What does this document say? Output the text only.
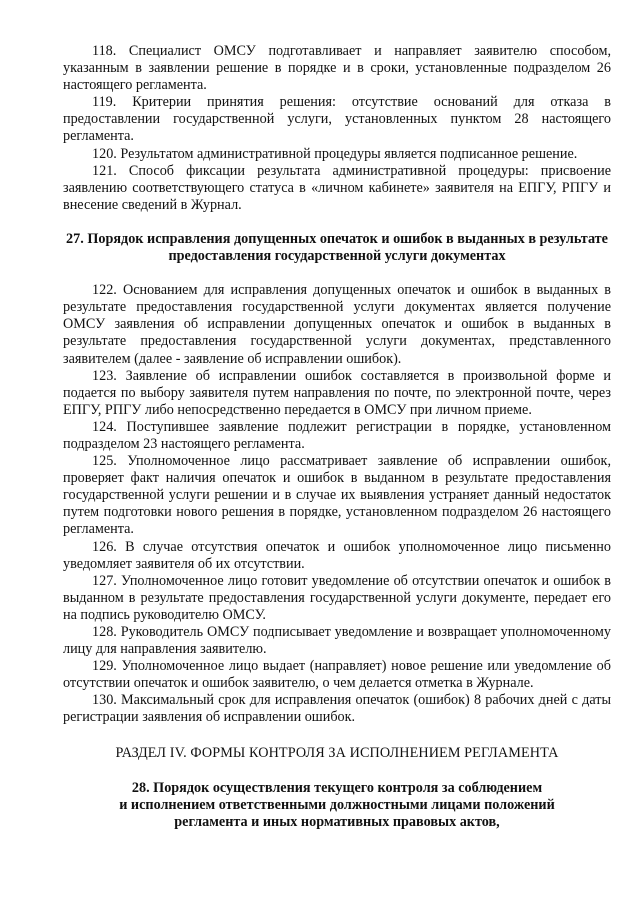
118. Специалист ОМСУ подготавливает и направляет заявителю способом, указанным в заявлении решение в порядке и в сроки, установленные подразделом 26 настоящего регламента.

119. Критерии принятия решения: отсутствие оснований для отказа в предоставлении государственной услуги, установленных пунктом 28 настоящего регламента.

120. Результатом административной процедуры является подписанное решение.

121. Способ фиксации результата административной процедуры: присвоение заявлению соответствующего статуса в «личном кабинете» заявителя на ЕПГУ, РПГУ и внесение сведений в Журнал.

27. Порядок исправления допущенных опечаток и ошибок в выданных в результате предоставления государственной услуги документах

122. Основанием для исправления допущенных опечаток и ошибок в выданных в результате предоставления государственной услуги документах является получение ОМСУ заявления об исправлении допущенных опечаток и ошибок в выданных в результате предоставления государственной услуги документах, представленного заявителем (далее - заявление об исправлении ошибок).

123. Заявление об исправлении ошибок составляется в произвольной форме и подается по выбору заявителя путем направления по почте, по электронной почте, через ЕПГУ, РПГУ либо непосредственно передается в ОМСУ при личном приеме.

124. Поступившее заявление подлежит регистрации в порядке, установленном подразделом 23 настоящего регламента.

125. Уполномоченное лицо рассматривает заявление об исправлении ошибок, проверяет факт наличия опечаток и ошибок в выданном в результате предоставления государственной услуги решении и в случае их выявления устраняет данный недостаток путем подготовки нового решения в порядке, установленном подразделом 26 настоящего регламента.

126. В случае отсутствия опечаток и ошибок уполномоченное лицо письменно уведомляет заявителя об их отсутствии.

127. Уполномоченное лицо готовит уведомление об отсутствии опечаток и ошибок в выданном в результате предоставления государственной услуги документе, передает его на подпись руководителю ОМСУ.

128. Руководитель ОМСУ подписывает уведомление и возвращает уполномоченному лицу для направления заявителю.

129. Уполномоченное лицо выдает (направляет) новое решение или уведомление об отсутствии опечаток и ошибок заявителю, о чем делается отметка в Журнале.

130. Максимальный срок для исправления опечаток (ошибок) 8 рабочих дней с даты регистрации заявления об исправлении ошибок.

РАЗДЕЛ IV. ФОРМЫ КОНТРОЛЯ ЗА ИСПОЛНЕНИЕМ РЕГЛАМЕНТА

28. Порядок осуществления текущего контроля за соблюдением

и исполнением ответственными должностными лицами положений

регламента и иных нормативных правовых актов,
